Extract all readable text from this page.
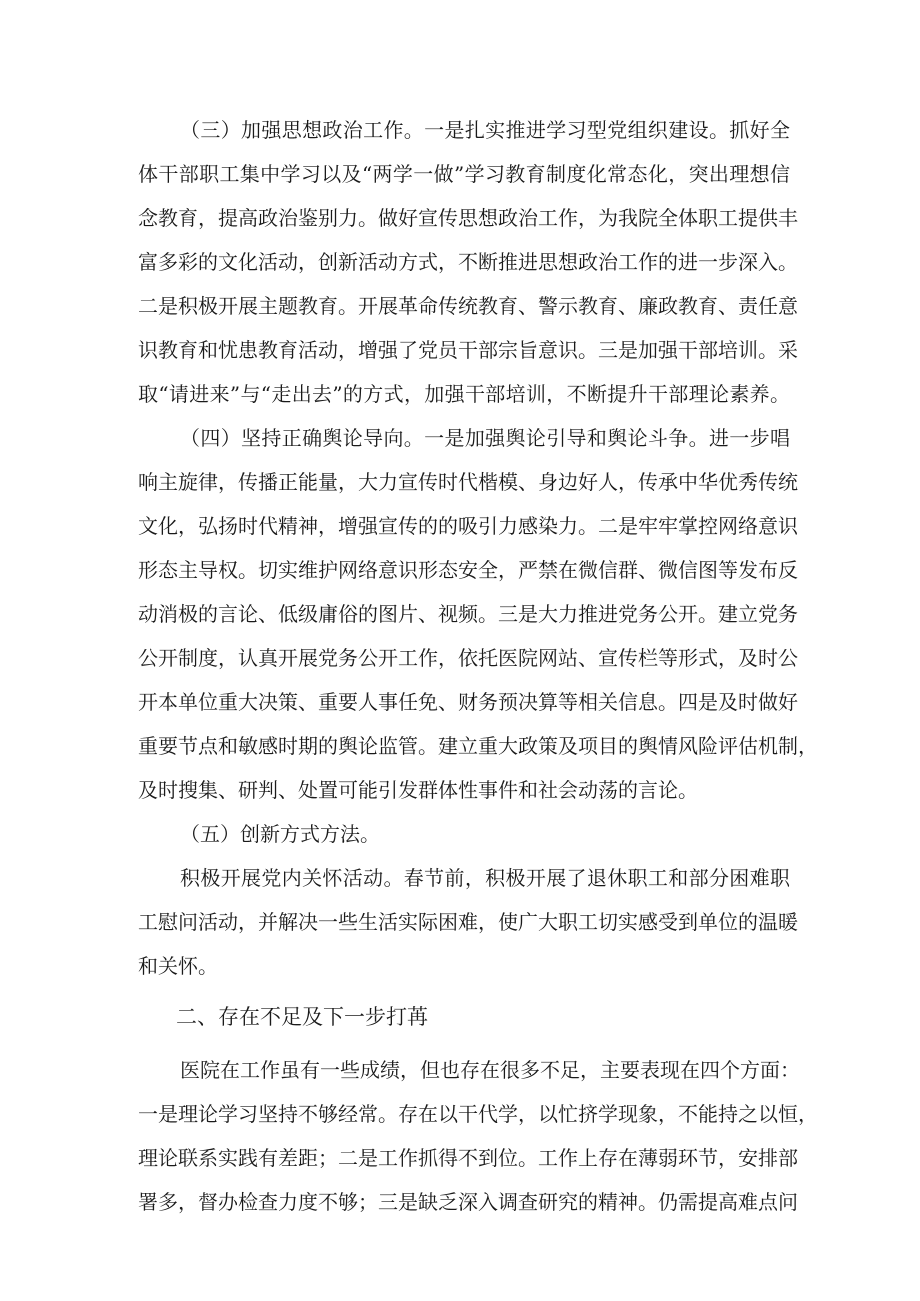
（三）加强思想政治工作。一是扎实推进学习型党组织建设。抓好全
体干部职工集中学习以及“两学一做”学习教育制度化常态化，突出理想信
念教育，提高政治鉴别力。做好宣传思想政治工作，为我院全体职工提供丰
富多彩的文化活动，创新活动方式，不断推进思想政治工作的进一步深入。
二是积极开展主题教育。开展革命传统教育、警示教育、廉政教育、责任意
识教育和忧患教育活动，增强了党员干部宗旨意识。三是加强干部培训。采
取“请进来”与“走出去”的方式，加强干部培训，不断提升干部理论素养。
（四）坚持正确舆论导向。一是加强舆论引导和舆论斗争。进一步唱
响主旋律，传播正能量，大力宣传时代楷模、身边好人，传承中华优秀传统
文化，弘扬时代精神，增强宣传的的吸引力感染力。二是牢牢掌控网络意识
形态主导权。切实维护网络意识形态安全，严禁在微信群、微信图等发布反
动消极的言论、低级庸俗的图片、视频。三是大力推进党务公开。建立党务
公开制度，认真开展党务公开工作，依托医院网站、宣传栏等形式，及时公
开本单位重大决策、重要人事任免、财务预决算等相关信息。四是及时做好
重要节点和敏感时期的舆论监管。建立重大政策及项目的舆情风险评估机制，
及时搜集、研判、处置可能引发群体性事件和社会动荡的言论。
（五）创新方式方法。
积极开展党内关怀活动。春节前，积极开展了退休职工和部分困难职
工慰问活动，并解决一些生活实际困难，使广大职工切实感受到单位的温暖
和关怀。
二、存在不足及下一步打苒
医院在工作虽有一些成绩，但也存在很多不足，主要表现在四个方面：
一是理论学习坚持不够经常。存在以干代学，以忙挤学现象，不能持之以恒，
理论联系实践有差距；二是工作抓得不到位。工作上存在薄弱环节，安排部
署多，督办检查力度不够；三是缺乏深入调查研究的精神。仍需提高难点问
